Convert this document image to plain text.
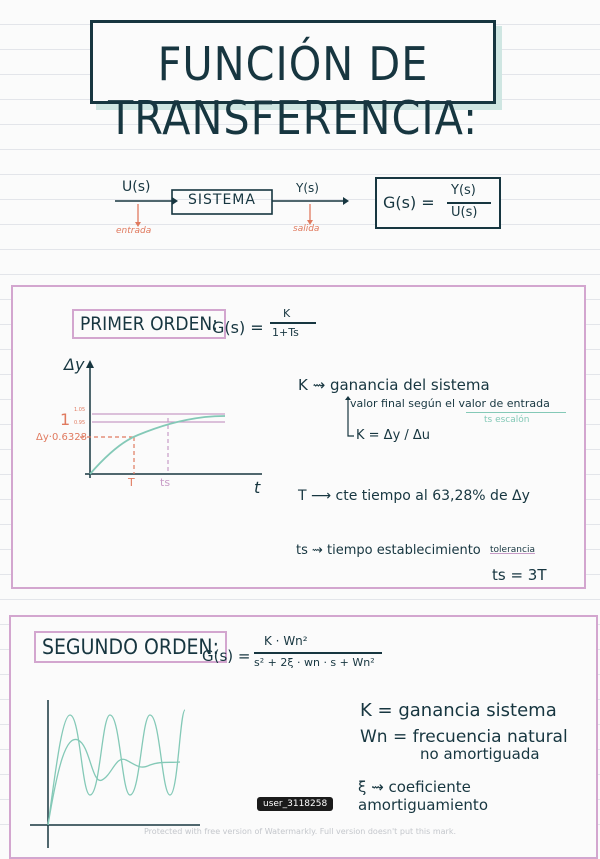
FUNCIÓN DE TRANSFERENCIA:
U(s)
SISTEMA
Y(s)
entrada	salida
G(s) =
Y(s)
U(s)
PRIMER ORDEN:
G(s) =
K
1+Ts
Δy
t
1 1.05
0.95
Δy·0.6328
T ts
K ⇝ ganancia del sistema
valor final según el valor de entrada
ts escalón
K = Δy / Δu
T ⟶ cte tiempo al 63,28% de Δy
ts ⇝ tiempo establecimiento tolerancia
ts = 3T
SEGUNDO ORDEN:
G(s) =
K · Wn²
s² + 2ξ · wn · s + Wn²
K = ganancia sistema
Wn = frecuencia natural
no amortiguada
ξ ⇝ coeficiente amortiguamiento
user_3118258
Protected with free version of Watermarkly. Full version doesn't put this mark.
